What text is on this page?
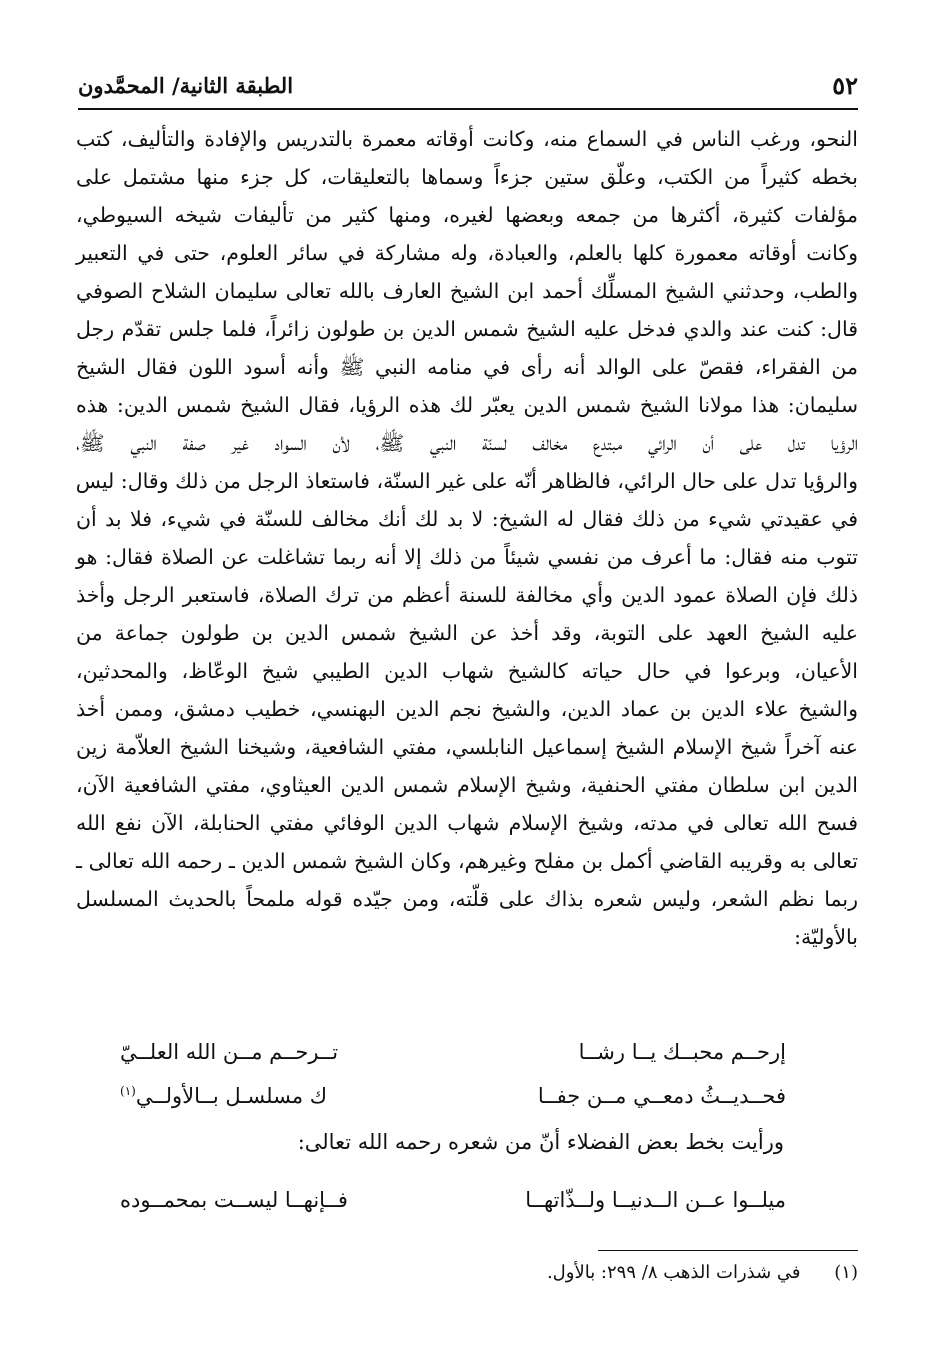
٥٢
الطبقة الثانية/ المحمَّدون

النحو، ورغب الناس في السماع منه، وكانت أوقاته معمرة بالتدريس والإفادة والتأليف، كتب
بخطه كثيراً من الكتب، وعلّق ستين جزءاً وسماها بالتعليقات، كل جزء منها مشتمل على
مؤلفات كثيرة، أكثرها من جمعه وبعضها لغيره، ومنها كثير من تأليفات شيخه السيوطي،
وكانت أوقاته معمورة كلها بالعلم، والعبادة، وله مشاركة في سائر العلوم، حتى في التعبير
والطب، وحدثني الشيخ المسلِّك أحمد ابن الشيخ العارف بالله تعالى سليمان الشلاح الصوفي
قال: كنت عند والدي فدخل عليه الشيخ شمس الدين بن طولون زائراً، فلما جلس تقدّم رجل
من الفقراء، فقصّ على الوالد أنه رأى في منامه النبي ﷺ وأنه أسود اللون فقال الشيخ
سليمان: هذا مولانا الشيخ شمس الدين يعبّر لك هذه الرؤيا، فقال الشيخ شمس الدين: هذه
الرؤيا تدل على أن الرائي مبتدع مخالف لسنّة النبي ﷺ، لأن السواد غير صفة النبي ﷺ،
والرؤيا تدل على حال الرائي، فالظاهر أنّه على غير السنّة، فاستعاذ الرجل من ذلك وقال: ليس
في عقيدتي شيء من ذلك فقال له الشيخ: لا بد لك أنك مخالف للسنّة في شيء، فلا بد أن
تتوب منه فقال: ما أعرف من نفسي شيئاً من ذلك إلا أنه ربما تشاغلت عن الصلاة فقال: هو
ذلك فإن الصلاة عمود الدين وأي مخالفة للسنة أعظم من ترك الصلاة، فاستعبر الرجل وأخذ
عليه الشيخ العهد على التوبة، وقد أخذ عن الشيخ شمس الدين بن طولون جماعة من
الأعيان، وبرعوا في حال حياته كالشيخ شهاب الدين الطيبي شيخ الوعّاظ، والمحدثين،
والشيخ علاء الدين بن عماد الدين، والشيخ نجم الدين البهنسي، خطيب دمشق، وممن أخذ
عنه آخراً شيخ الإسلام الشيخ إسماعيل النابلسي، مفتي الشافعية، وشيخنا الشيخ العلاّمة زين
الدين ابن سلطان مفتي الحنفية، وشيخ الإسلام شمس الدين العيثاوي، مفتي الشافعية الآن،
فسح الله تعالى في مدته، وشيخ الإسلام شهاب الدين الوفائي مفتي الحنابلة، الآن نفع الله
تعالى به وقريبه القاضي أكمل بن مفلح وغيرهم، وكان الشيخ شمس الدين ـ رحمه الله تعالى ـ
ربما نظم الشعر، وليس شعره بذاك على قلّته، ومن جيّده قوله ملمحاً بالحديث المسلسل
بالأوليّة:

إرحــم محبــك يــا رشــا
تــرحــم مــن الله العلــيّ
فحــديــثُ دمعــي مــن جفــا
ك مسلسـل بــالأولــي$^{(١)}$
ورأيت بخط بعض الفضلاء أنّ من شعره رحمه الله تعالى:
ميلــوا عــن الــدنيــا ولــذّاتهــا
فــإنهــا ليســت بمحمــوده
(١) في شذرات الذهب ٨/ ٢٩٩: بالأول.
